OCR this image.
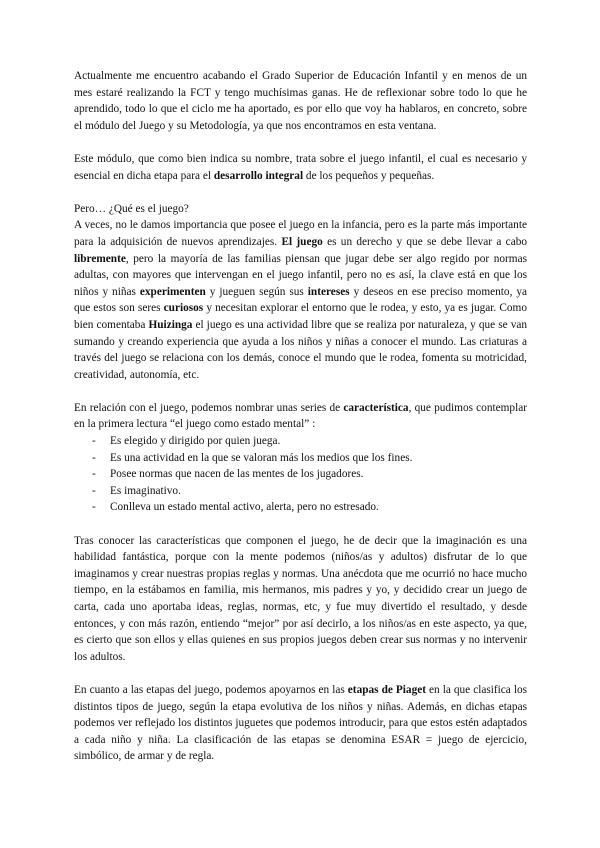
Actualmente me encuentro acabando el Grado Superior de Educación Infantil y en menos de un mes estaré realizando la FCT y tengo muchísimas ganas. He de reflexionar sobre todo lo que he aprendido, todo lo que el ciclo me ha aportado, es por ello que voy ha hablaros, en concreto, sobre el módulo del Juego y su Metodología, ya que nos encontramos en esta ventana.

Este módulo, que como bien indica su nombre, trata sobre el juego infantil, el cual es necesario y esencial en dicha etapa para el desarrollo integral de los pequeños y pequeñas.

Pero… ¿Qué es el juego?

A veces, no le damos importancia que posee el juego en la infancia, pero es la parte más importante para la adquisición de nuevos aprendizajes. El juego es un derecho y que se debe llevar a cabo libremente, pero la mayoría de las familias piensan que jugar debe ser algo regido por normas adultas, con mayores que intervengan en el juego infantil, pero no es así, la clave está en que los niños y niñas experimenten y jueguen según sus intereses y deseos en ese preciso momento, ya que estos son seres curiosos y necesitan explorar el entorno que le rodea, y esto, ya es jugar. Como bien comentaba Huizinga el juego es una actividad libre que se realiza por naturaleza, y que se van sumando y creando experiencia que ayuda a los niños y niñas a conocer el mundo. Las criaturas a través del juego se relaciona con los demás, conoce el mundo que le rodea, fomenta su motricidad, creatividad, autonomía, etc.

En relación con el juego, podemos nombrar unas series de característica, que pudimos contemplar en la primera lectura “el juego como estado mental” :

- Es elegido y dirigido por quien juega.
- Es una actividad en la que se valoran más los medios que los fines.
- Posee normas que nacen de las mentes de los jugadores.
- Es imaginativo.
- Conlleva un estado mental activo, alerta, pero no estresado.

Tras conocer las características que componen el juego, he de decir que la imaginación es una habilidad fantástica, porque con la mente podemos (niños/as y adultos) disfrutar de lo que imaginamos y crear nuestras propias reglas y normas. Una anécdota que me ocurrió no hace mucho tiempo, en la estábamos en familia, mis hermanos, mis padres y yo, y decidido crear un juego de carta, cada uno aportaba ideas, reglas, normas, etc, y fue muy divertido el resultado, y desde entonces, y con más razón, entiendo “mejor” por así decirlo, a los niños/as en este aspecto, ya que, es cierto que son ellos y ellas quienes en sus propios juegos deben crear sus normas y no intervenir los adultos.

En cuanto a las etapas del juego, podemos apoyarnos en las etapas de Piaget en la que clasifica los distintos tipos de juego, según la etapa evolutiva de los niños y niñas. Además, en dichas etapas podemos ver reflejado los distintos juguetes que podemos introducir, para que estos estén adaptados a cada niño y niña. La clasificación de las etapas se denomina ESAR = juego de ejercicio, simbólico, de armar y de regla.
